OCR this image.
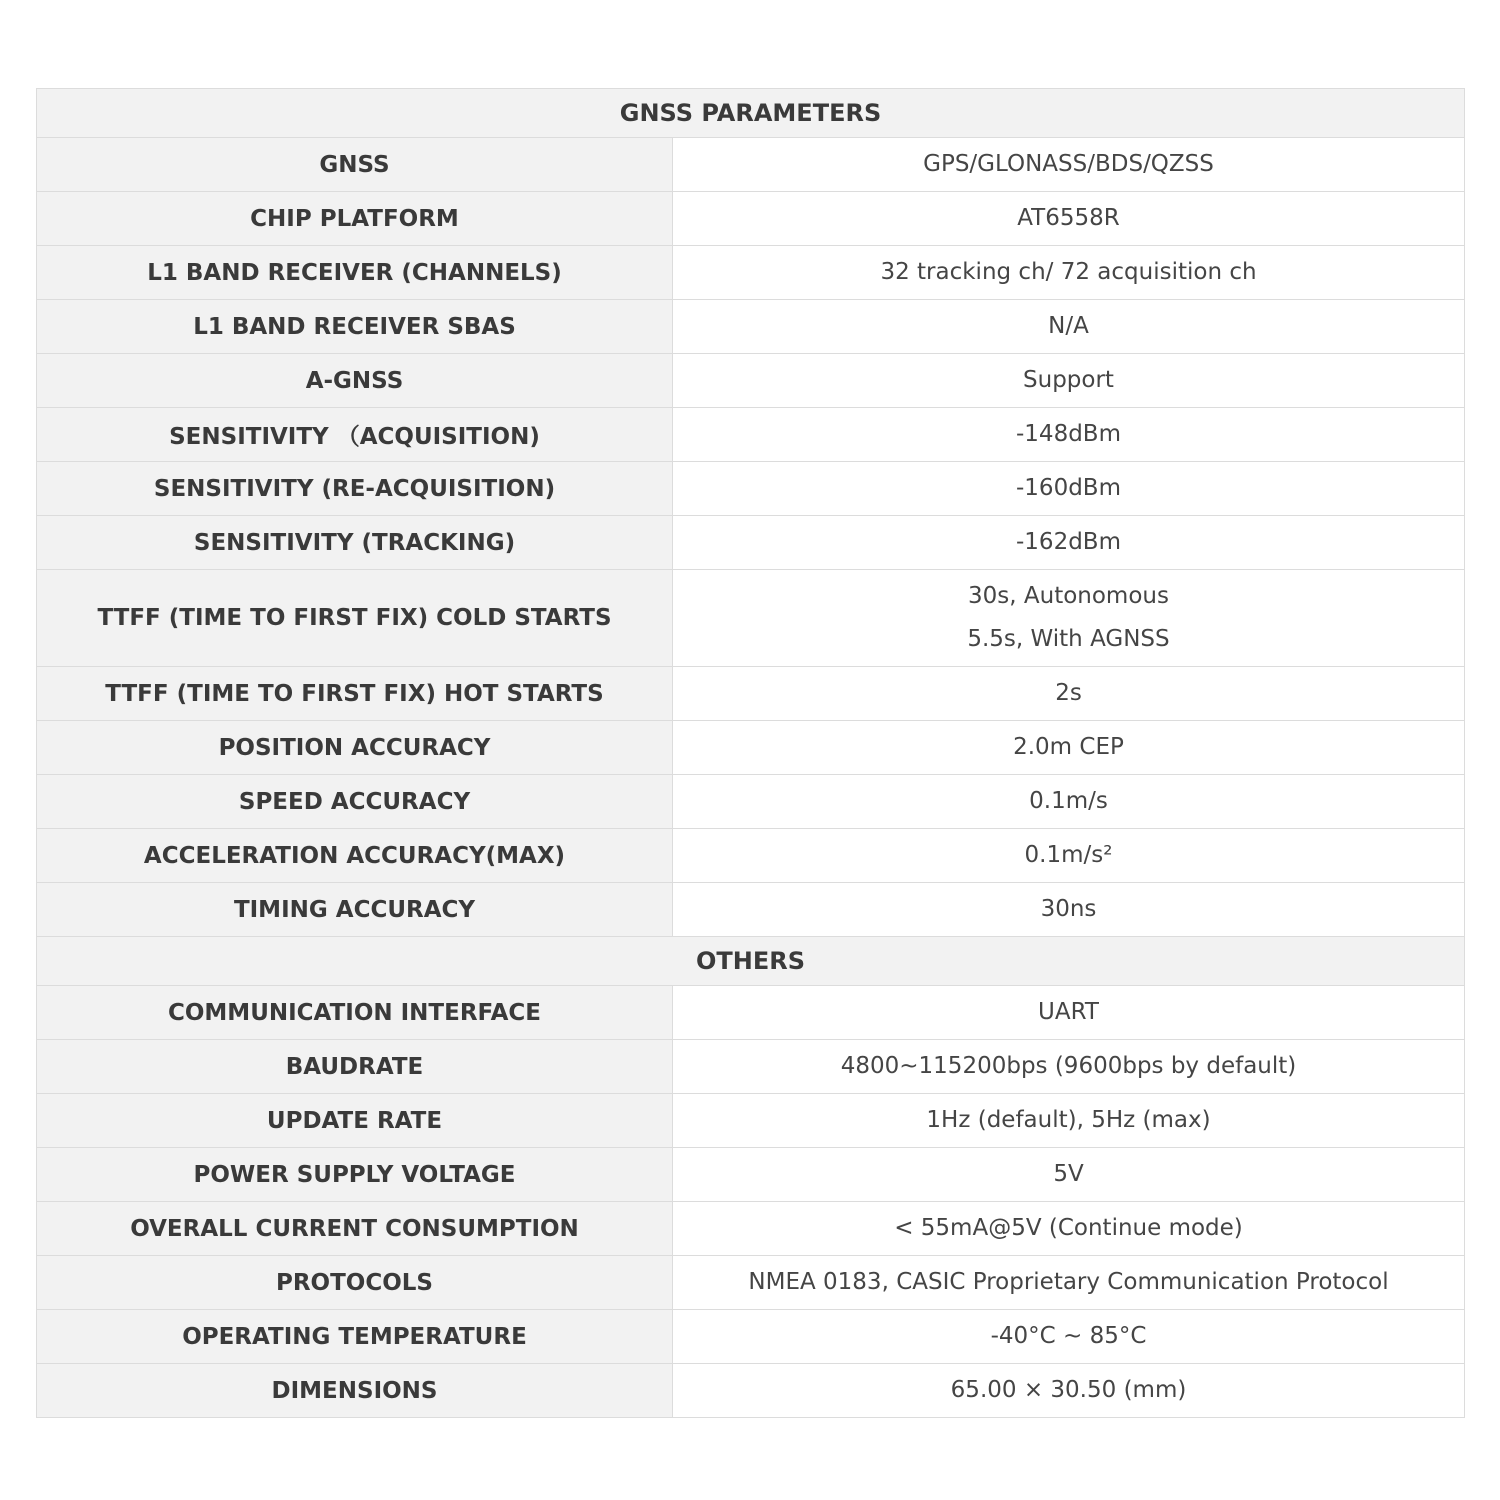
GNSS PARAMETERS	
GNSS	GPS/GLONASS/BDS/QZSS

CHIP PLATFORM	AT6558R

L1 BAND RECEIVER (CHANNELS)	32 tracking ch/ 72 acquisition ch

L1 BAND RECEIVER SBAS	N/A

A-GNSS	Support

SENSITIVITY （ACQUISITION)	-148dBm

SENSITIVITY (RE-ACQUISITION)	-160dBm

SENSITIVITY (TRACKING)	-162dBm

TTFF (TIME TO FIRST FIX) COLD STARTS	30s, Autonomous
5.5s, With AGNSS

TTFF (TIME TO FIRST FIX) HOT STARTS	2s

POSITION ACCURACY	2.0m CEP

SPEED ACCURACY	0.1m/s

ACCELERATION ACCURACY(MAX)	0.1m/s²

TIMING ACCURACY	30ns

OTHERS	
COMMUNICATION INTERFACE	UART

BAUDRATE	4800~115200bps (9600bps by default)

UPDATE RATE	1Hz (default), 5Hz (max)

POWER SUPPLY VOLTAGE	5V

OVERALL CURRENT CONSUMPTION	< 55mA@5V (Continue mode)

PROTOCOLS	NMEA 0183, CASIC Proprietary Communication Protocol

OPERATING TEMPERATURE	-40°C ~ 85°C

DIMENSIONS	65.00 × 30.50 (mm)
